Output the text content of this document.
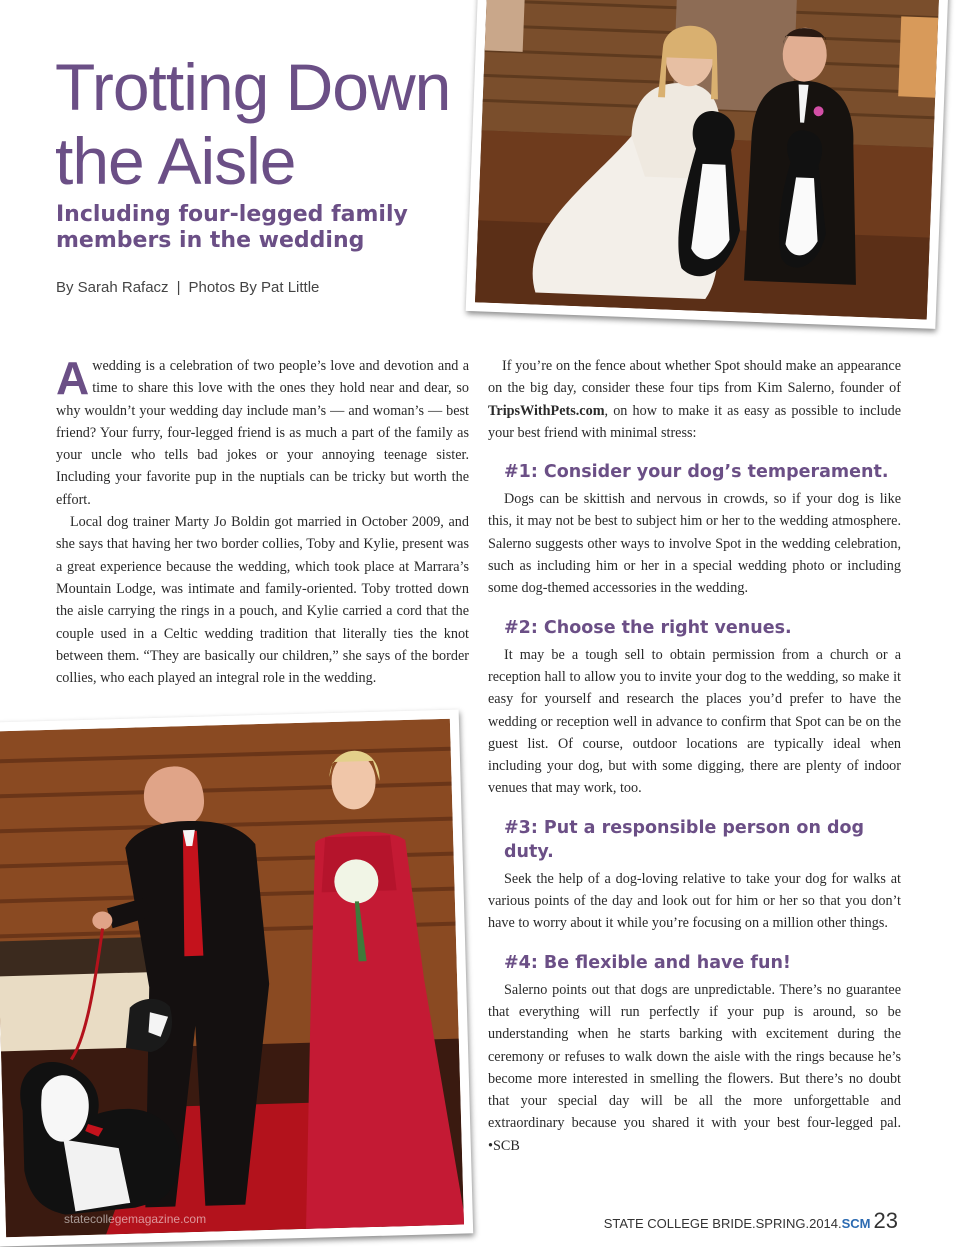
Trotting Down the Aisle
Including four-legged family members in the wedding
By Sarah Rafacz | Photos By Pat Little
statecollegemagazine.com

Awedding is a celebration of two people’s love and devotion and a time to share this love with the ones they hold near and dear, so why wouldn’t your wedding day include man’s — and woman’s — best friend? Your furry, four-legged friend is as much a part of the family as your uncle who tells bad jokes or your annoying teenage sister. Including your favorite pup in the nuptials can be tricky but worth the effort.

Local dog trainer Marty Jo Boldin got married in October 2009, and she says that having her two border collies, Toby and Kylie, present was a great experience because the wedding, which took place at Marrara’s Mountain Lodge, was intimate and family-oriented. Toby trotted down the aisle carrying the rings in a pouch, and Kylie carried a cord that the couple used in a Celtic wedding tradition that literally ties the knot between them. “They are basically our children,” she says of the border collies, who each played an integral role in the wedding.

If you’re on the fence about whether Spot should make an appearance on the big day, consider these four tips from Kim Salerno, founder of TripsWithPets.com, on how to make it as easy as possible to include your best friend with minimal stress:

#1: Consider your dog’s temperament.

Dogs can be skittish and nervous in crowds, so if your dog is like this, it may not be best to subject him or her to the wedding atmosphere. Salerno suggests other ways to involve Spot in the wedding celebration, such as including him or her in a special wedding photo or including some dog-themed accessories in the wedding.

#2: Choose the right venues.

It may be a tough sell to obtain permission from a church or a reception hall to allow you to invite your dog to the wedding, so make it easy for yourself and research the places you’d prefer to have the wedding or reception well in advance to confirm that Spot can be on the guest list. Of course, outdoor locations are typically ideal when including your dog, but with some digging, there are plenty of indoor venues that may work, too.

#3: Put a responsible person on dog duty.

Seek the help of a dog-loving relative to take your dog for walks at various points of the day and look out for him or her so that you don’t have to worry about it while you’re focusing on a million other things.

#4: Be flexible and have fun!

Salerno points out that dogs are unpredictable. There’s no guarantee that everything will run perfectly if your pup is around, so be understanding when he starts barking with excitement during the ceremony or refuses to walk down the aisle with the rings because he’s become more interested in smelling the flowers. But there’s no doubt that your special day will be all the more unforgettable and extraordinary because you shared it with your best four-legged pal. •SCB

STATE COLLEGE BRIDE.SPRING.2014.SCM 23
